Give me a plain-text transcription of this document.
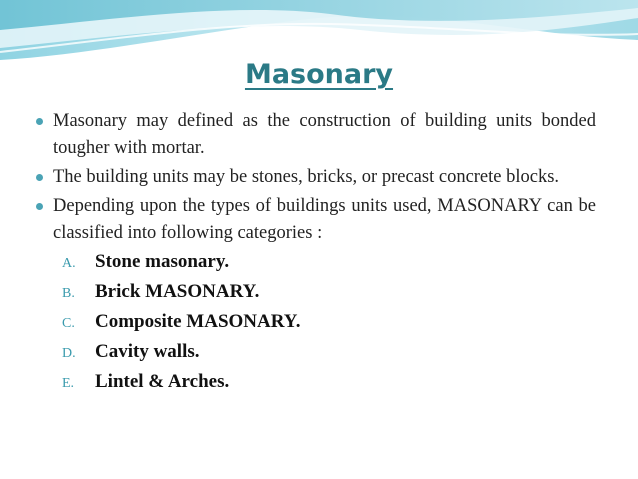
Masonary
Masonary may defined as the construction of building units bonded tougher with mortar.
The building units may be stones, bricks, or precast concrete blocks.
Depending upon the types of buildings units used, MASONARY can be classified into following categories :
A.	Stone masonary.
B.	Brick MASONARY.
C.	Composite MASONARY.
D.	Cavity walls.
E.	Lintel & Arches.
